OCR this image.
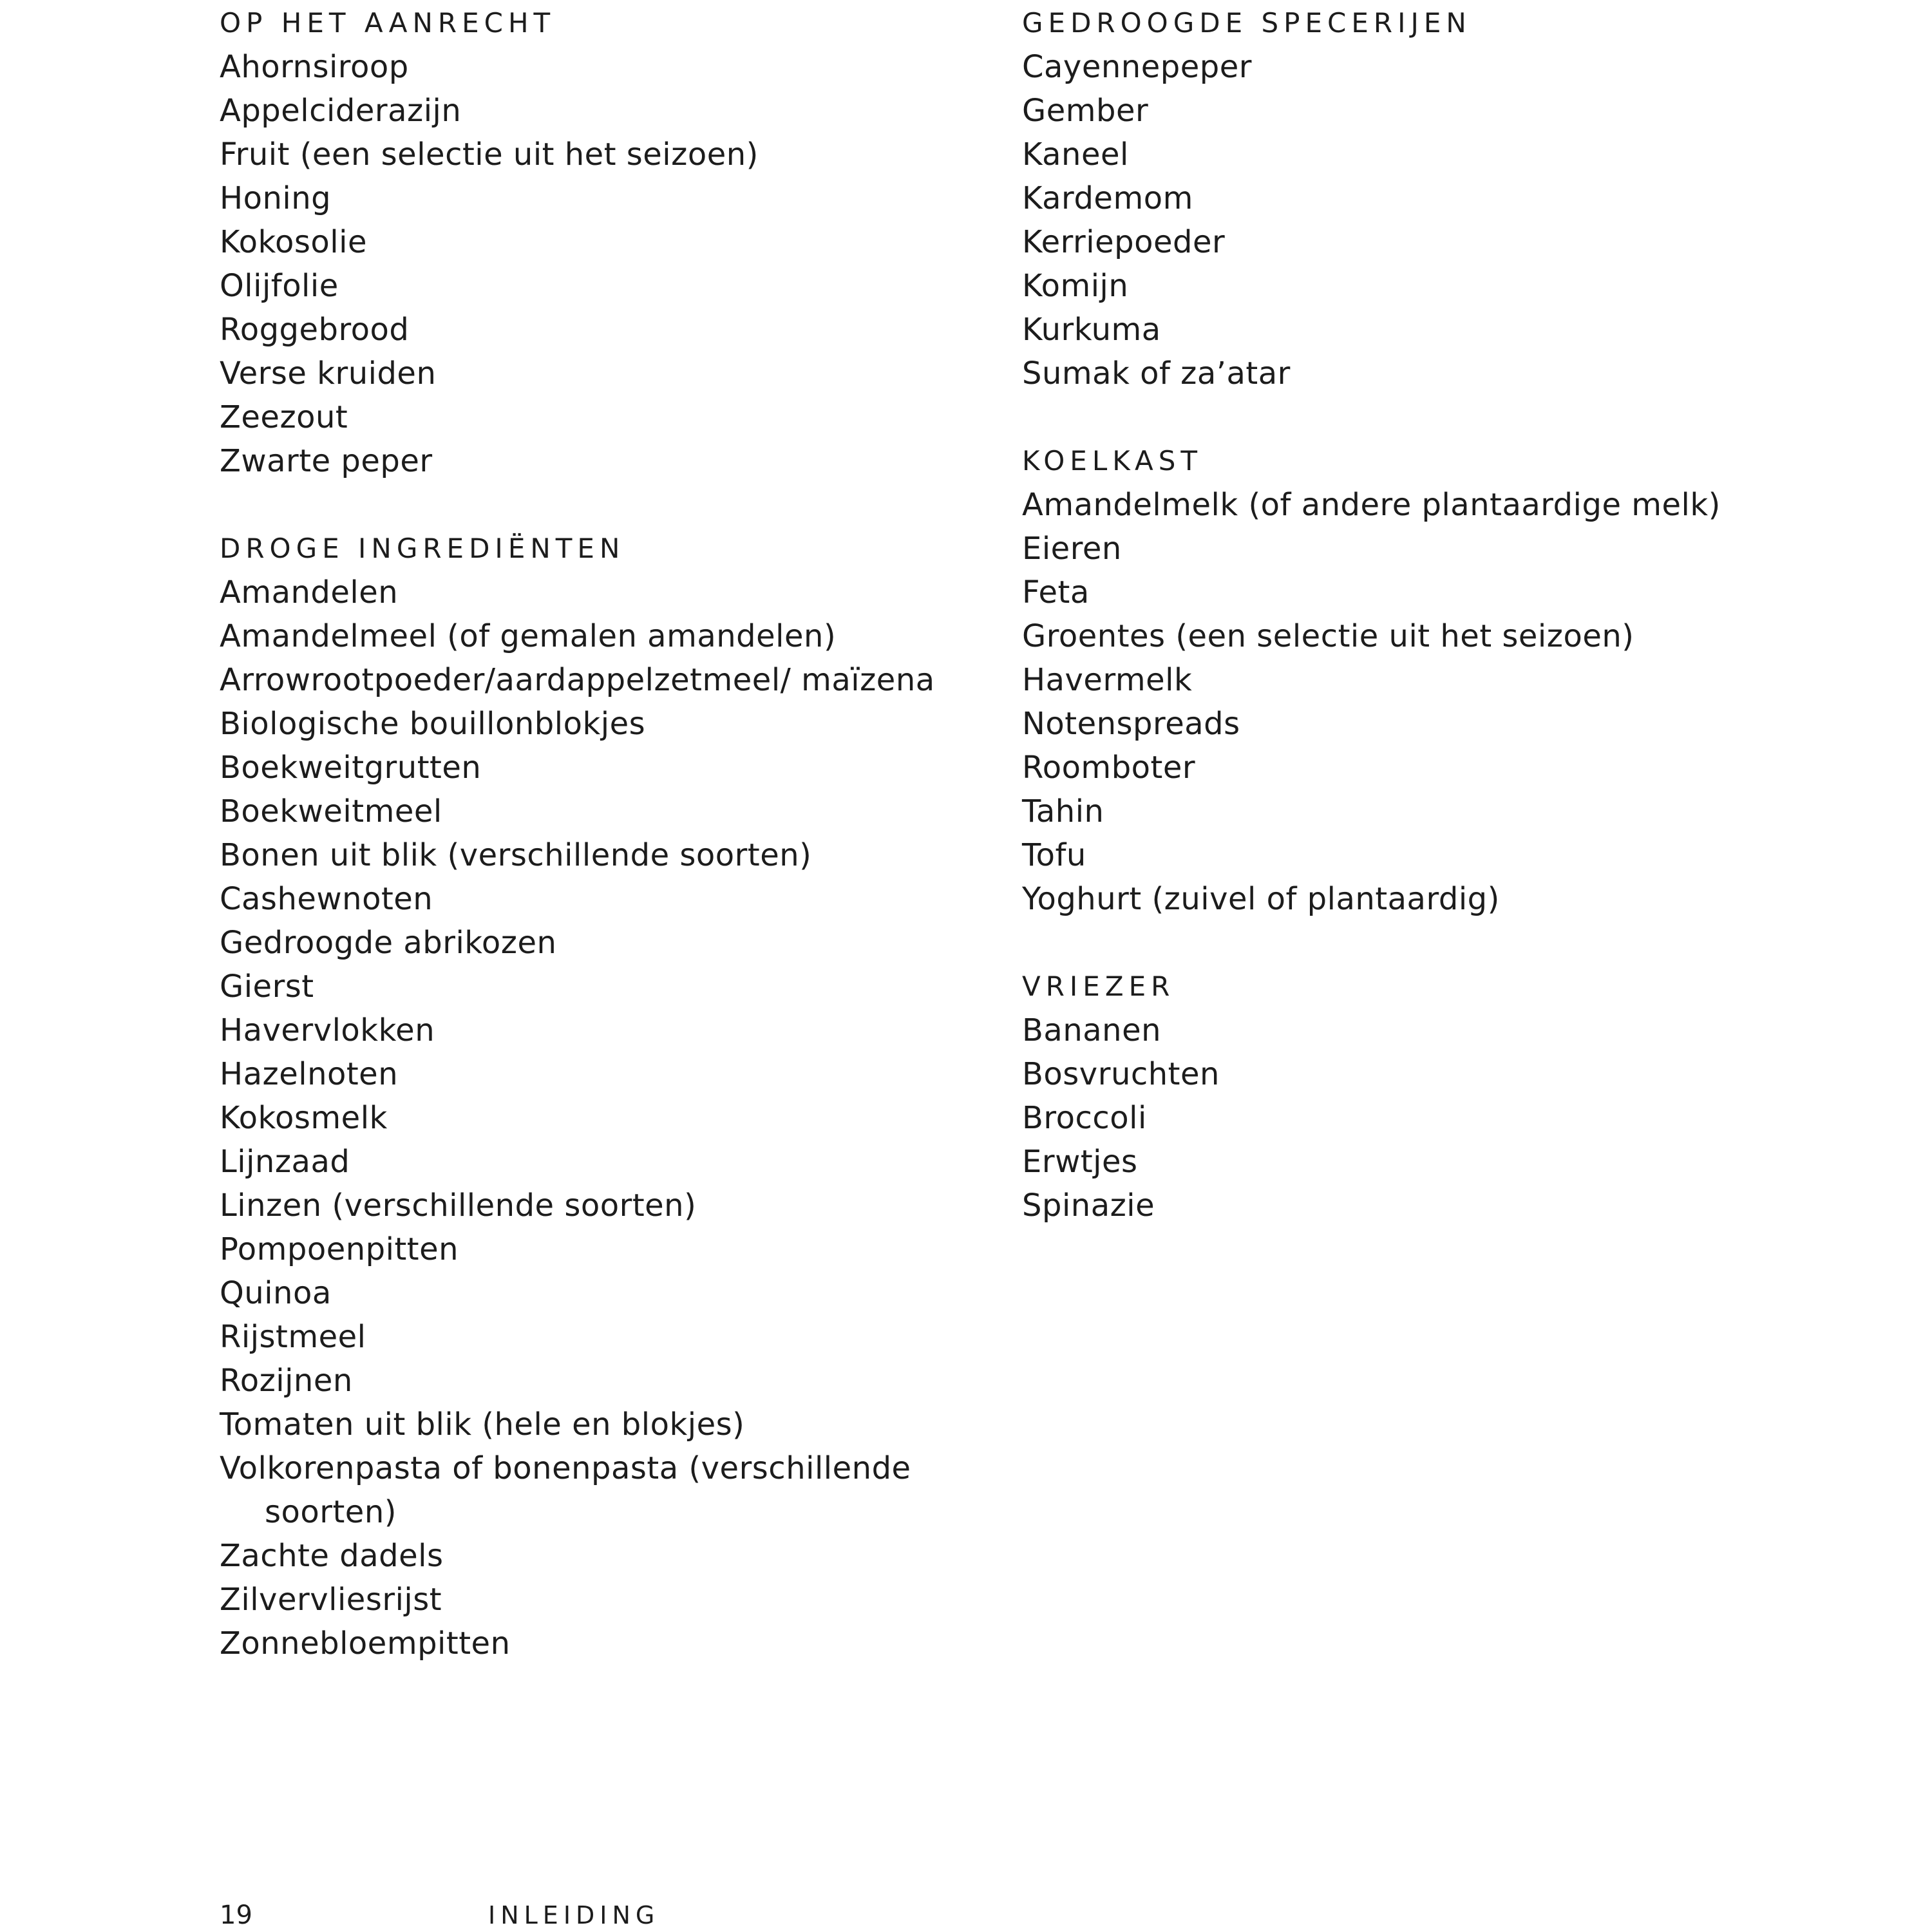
OP HET AANRECHT
Ahornsiroop
Appelciderazijn
Fruit (een selectie uit het seizoen)
Honing
Kokosolie
Olijfolie
Roggebrood
Verse kruiden
Zeezout
Zwarte peper
DROGE INGREDIËNTEN
Amandelen
Amandelmeel (of gemalen amandelen)
Arrowrootpoeder/aardappelzetmeel/ maïzena
Biologische bouillonblokjes
Boekweitgrutten
Boekweitmeel
Bonen uit blik (verschillende soorten)
Cashewnoten
Gedroogde abrikozen
Gierst
Havervlokken
Hazelnoten
Kokosmelk
Lijnzaad
Linzen (verschillende soorten)
Pompoenpitten
Quinoa
Rijstmeel
Rozijnen
Tomaten uit blik (hele en blokjes)
Volkorenpasta of bonenpasta (verschillende soorten)
Zachte dadels
Zilvervliesrijst
Zonnebloempitten
GEDROOGDE SPECERIJEN
Cayennepeper
Gember
Kaneel
Kardemom
Kerriepoeder
Komijn
Kurkuma
Sumak of za’atar
KOELKAST
Amandelmelk (of andere plantaardige melk)
Eieren
Feta
Groentes (een selectie uit het seizoen)
Havermelk
Notenspreads
Roomboter
Tahin
Tofu
Yoghurt (zuivel of plantaardig)
VRIEZER
Bananen
Bosvruchten
Broccoli
Erwtjes
Spinazie
19	INLEIDING
